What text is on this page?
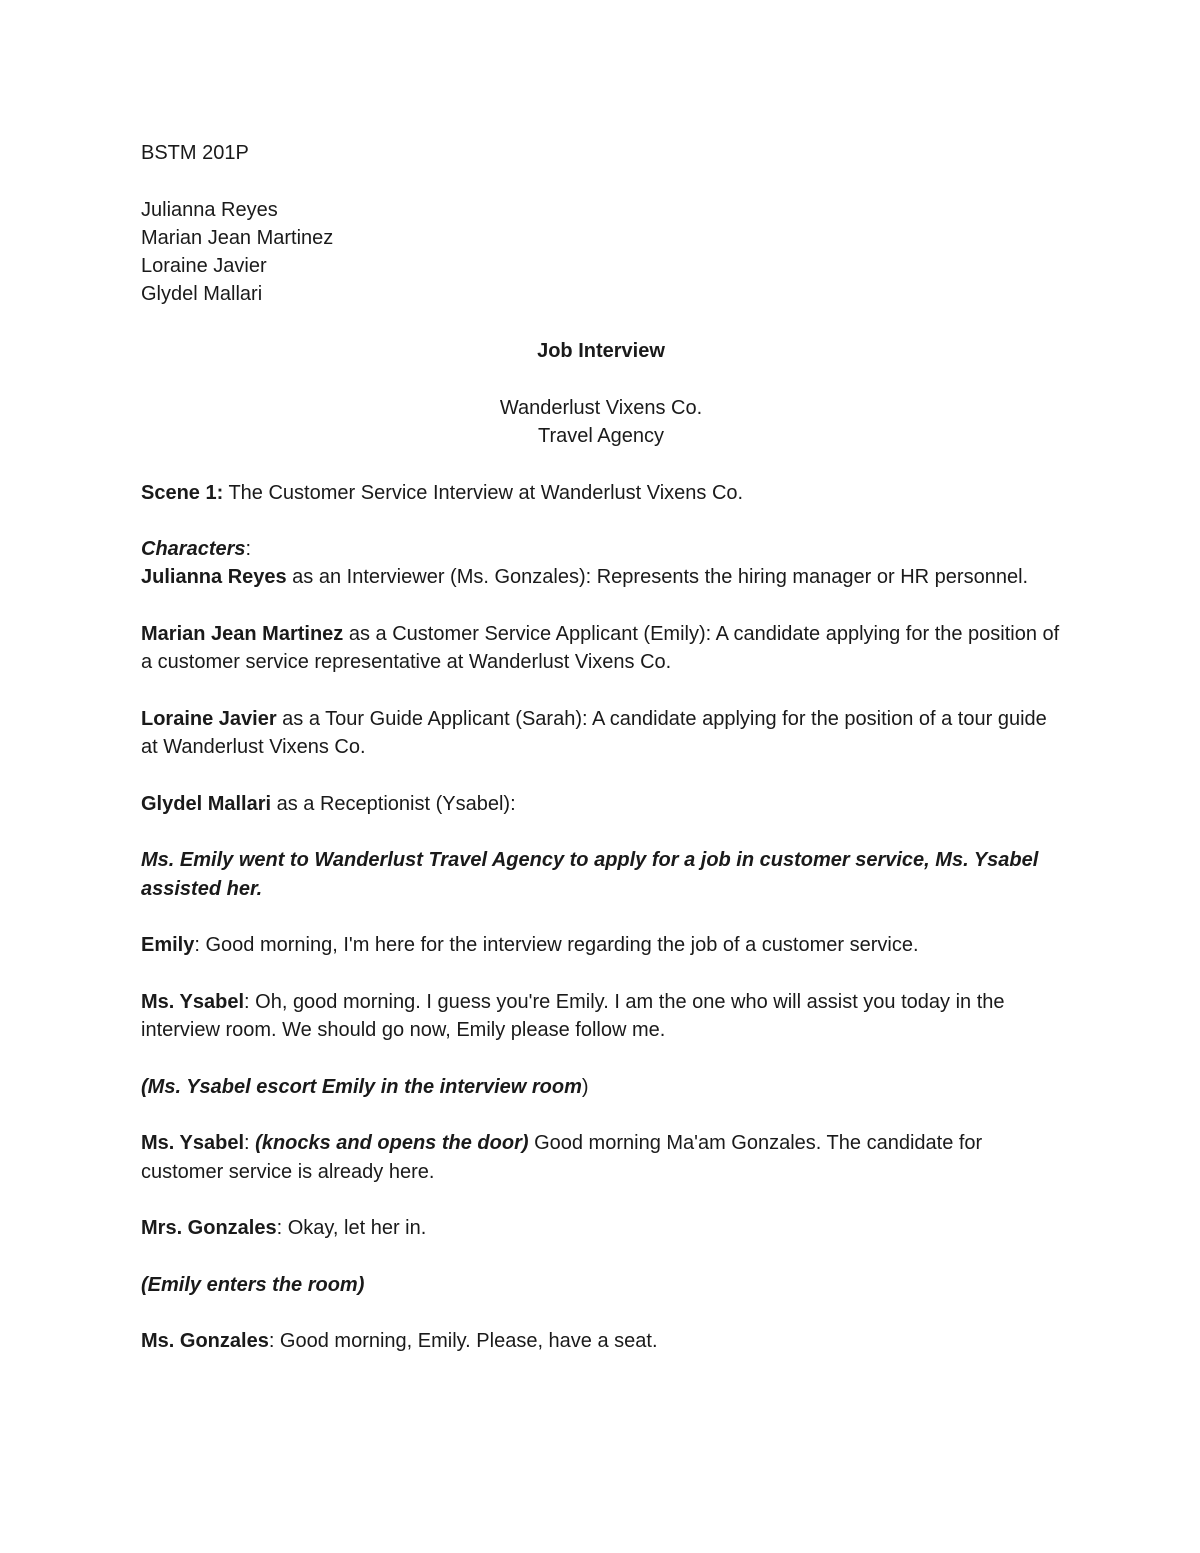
BSTM 201P

Julianna Reyes

Marian Jean Martinez

Loraine Javier

Glydel Mallari

Job Interview

Wanderlust Vixens Co.

Travel Agency

Scene 1: The Customer Service Interview at Wanderlust Vixens Co.

Characters:

Julianna Reyes as an Interviewer (Ms. Gonzales): Represents the hiring manager or HR personnel.

Marian Jean Martinez as a Customer Service Applicant (Emily): A candidate applying for the position of a customer service representative at Wanderlust Vixens Co.

Loraine Javier as a Tour Guide Applicant (Sarah): A candidate applying for the position of a tour guide at Wanderlust Vixens Co.

Glydel Mallari as a Receptionist (Ysabel):

Ms. Emily went to Wanderlust Travel Agency to apply for a job in customer service, Ms. Ysabel assisted her.

Emily: Good morning, I'm here for the interview regarding the job of a customer service.

Ms. Ysabel: Oh, good morning. I guess you're Emily. I am the one who will assist you today in the interview room. We should go now, Emily please follow me.

(Ms. Ysabel escort Emily in the interview room)

Ms. Ysabel: (knocks and opens the door) Good morning Ma'am Gonzales. The candidate for customer service is already here.

Mrs. Gonzales: Okay, let her in.

(Emily enters the room)

Ms. Gonzales: Good morning, Emily. Please, have a seat.
